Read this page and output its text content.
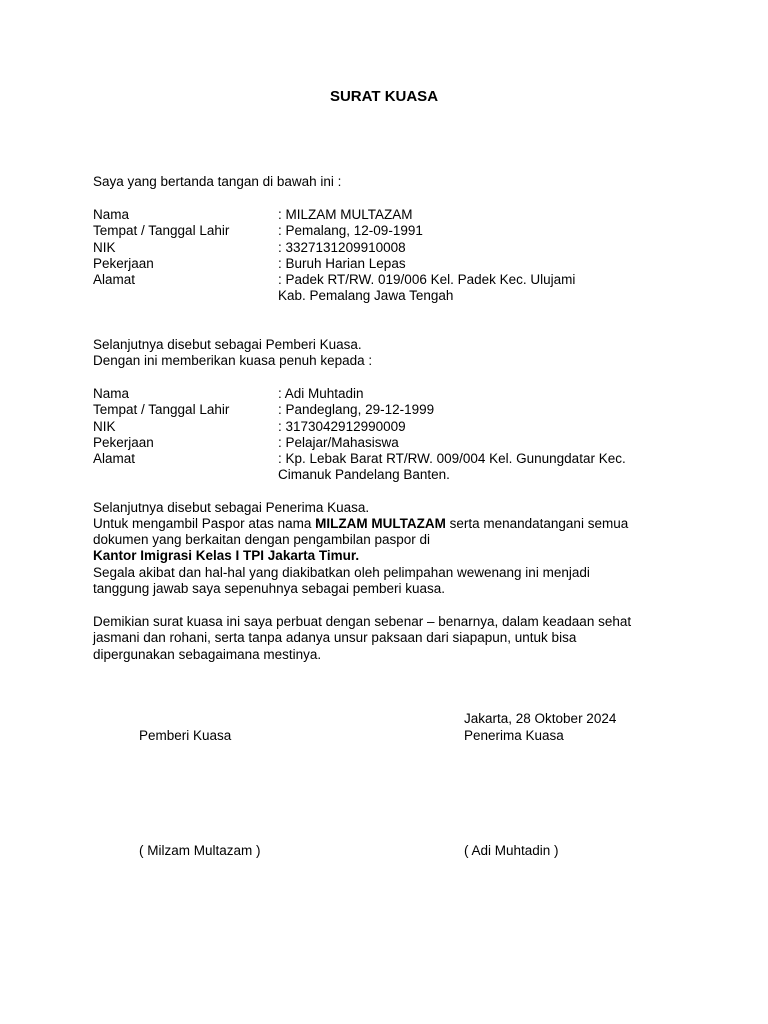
SURAT KUASA
Saya yang bertanda tangan di bawah ini :
Nama	: MILZAM MULTAZAM
Tempat / Tanggal Lahir	: Pemalang, 12-09-1991
NIK	: 3327131209910008
Pekerjaan	: Buruh Harian Lepas
Alamat	: Padek RT/RW. 019/006 Kel. Padek Kec. Ulujami
Kab. Pemalang Jawa Tengah
Selanjutnya disebut sebagai Pemberi Kuasa.
Dengan ini memberikan kuasa penuh kepada :
Nama	: Adi Muhtadin
Tempat / Tanggal Lahir	: Pandeglang, 29-12-1999
NIK	: 3173042912990009
Pekerjaan	: Pelajar/Mahasiswa
Alamat	: Kp. Lebak Barat RT/RW. 009/004 Kel. Gunungdatar Kec.
Cimanuk Pandelang Banten.
Selanjutnya disebut sebagai Penerima Kuasa.
Untuk mengambil Paspor atas nama MILZAM MULTAZAM serta menandatangani semua
dokumen yang berkaitan dengan pengambilan paspor di
Kantor Imigrasi Kelas I TPI Jakarta Timur.
Segala akibat dan hal-hal yang diakibatkan oleh pelimpahan wewenang ini menjadi
tanggung jawab saya sepenuhnya sebagai pemberi kuasa.
Demikian surat kuasa ini saya perbuat dengan sebenar – benarnya, dalam keadaan sehat
jasmani dan rohani, serta tanpa adanya unsur paksaan dari siapapun, untuk bisa
dipergunakan sebagaimana mestinya.
Jakarta, 28 Oktober 2024
Pemberi Kuasa	Penerima Kuasa
( Milzam Multazam )	( Adi Muhtadin )
